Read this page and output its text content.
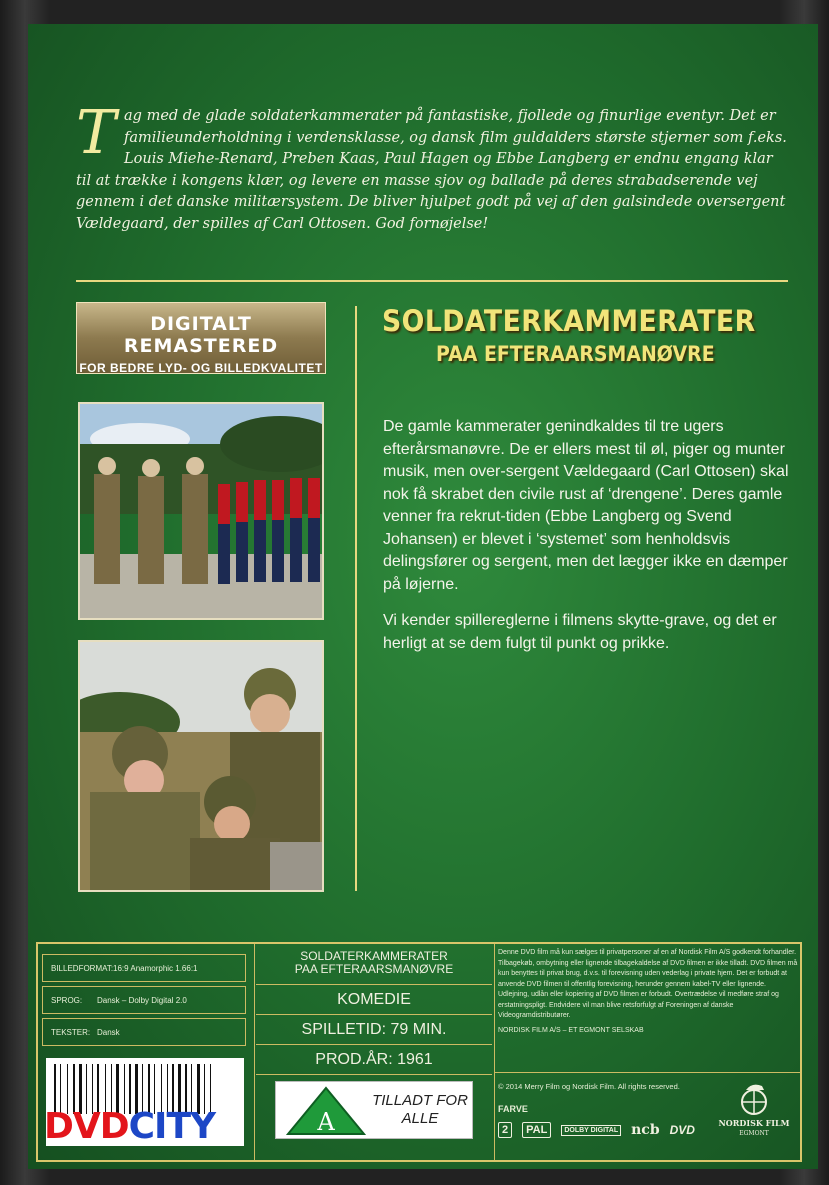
Tag med de glade soldaterkammerater på fantastiske, fjollede og finurlige eventyr. Det er familieunderholdning i verdensklasse, og dansk film guldalders største stjerner som f.eks. Louis Miehe-Renard, Preben Kaas, Paul Hagen og Ebbe Langberg er endnu engang klar til at trække i kongens klær, og levere en masse sjov og ballade på deres strabadserende vej gennem i det danske militærsystem. De bliver hjulpet godt på vej af den galsindede oversergent Vældegaard, der spilles af Carl Ottosen. God fornøjelse!
DIGITALT REMASTERED
FOR BEDRE LYD- OG BILLEDKVALITET
SOLDATERKAMMERATER
PAA EFTERAARSMANØVRE

De gamle kammerater genindkaldes til tre ugers efterårsmanøvre. De er ellers mest til øl, piger og munter musik, men over-sergent Vældegaard (Carl Ottosen) skal nok få skrabet den civile rust af ‘drengene’. Deres gamle venner fra rekrut-tiden (Ebbe Langberg og Svend Johansen) er blevet i ‘systemet’ som henholdsvis delingsfører og sergent, men det lægger ikke en dæmper på løjerne.

Vi kender spillereglerne i filmens skytte-grave, og det er herligt at se dem fulgt til punkt og prikke.

BILLEDFORMAT: 16:9 Anamorphic 1.66:1
SPROG:	Dansk – Dolby Digital 2.0
TEKSTER: Dansk
SOLDATERKAMMERATER
PAA EFTERAARSMANØVRE
KOMEDIE
SPILLETID: 79 MIN.
PROD.ÅR: 1961
A
TILLADT FOR ALLE
Denne DVD film må kun sælges til privatpersoner af en af Nordisk Film A/S godkendt forhandler. Tilbagekøb, ombytning eller lignende tilbagekaldelse af DVD filmen er ikke tilladt. DVD filmen må kun benyttes til privat brug, d.v.s. til forevisning uden vederlag i private hjem. Det er forbudt at anvende DVD filmen til offentlig forevisning, herunder gennem kabel-TV eller lignende. Udlejning, udlån eller kopiering af DVD filmen er forbudt. Overtrædelse vil medføre straf og erstatningspligt. Endvidere vil man blive retsforfulgt af Foreningen af danske Videogramdistributører.
NORDISK FILM A/S – ET EGMONT SELSKAB
© 2014 Merry Film og Nordisk Film. All rights reserved.
FARVE
2	PAL	DOLBY DIGITAL ncb DVD	NORDISK FILM
EGMONT
DVDCITY
